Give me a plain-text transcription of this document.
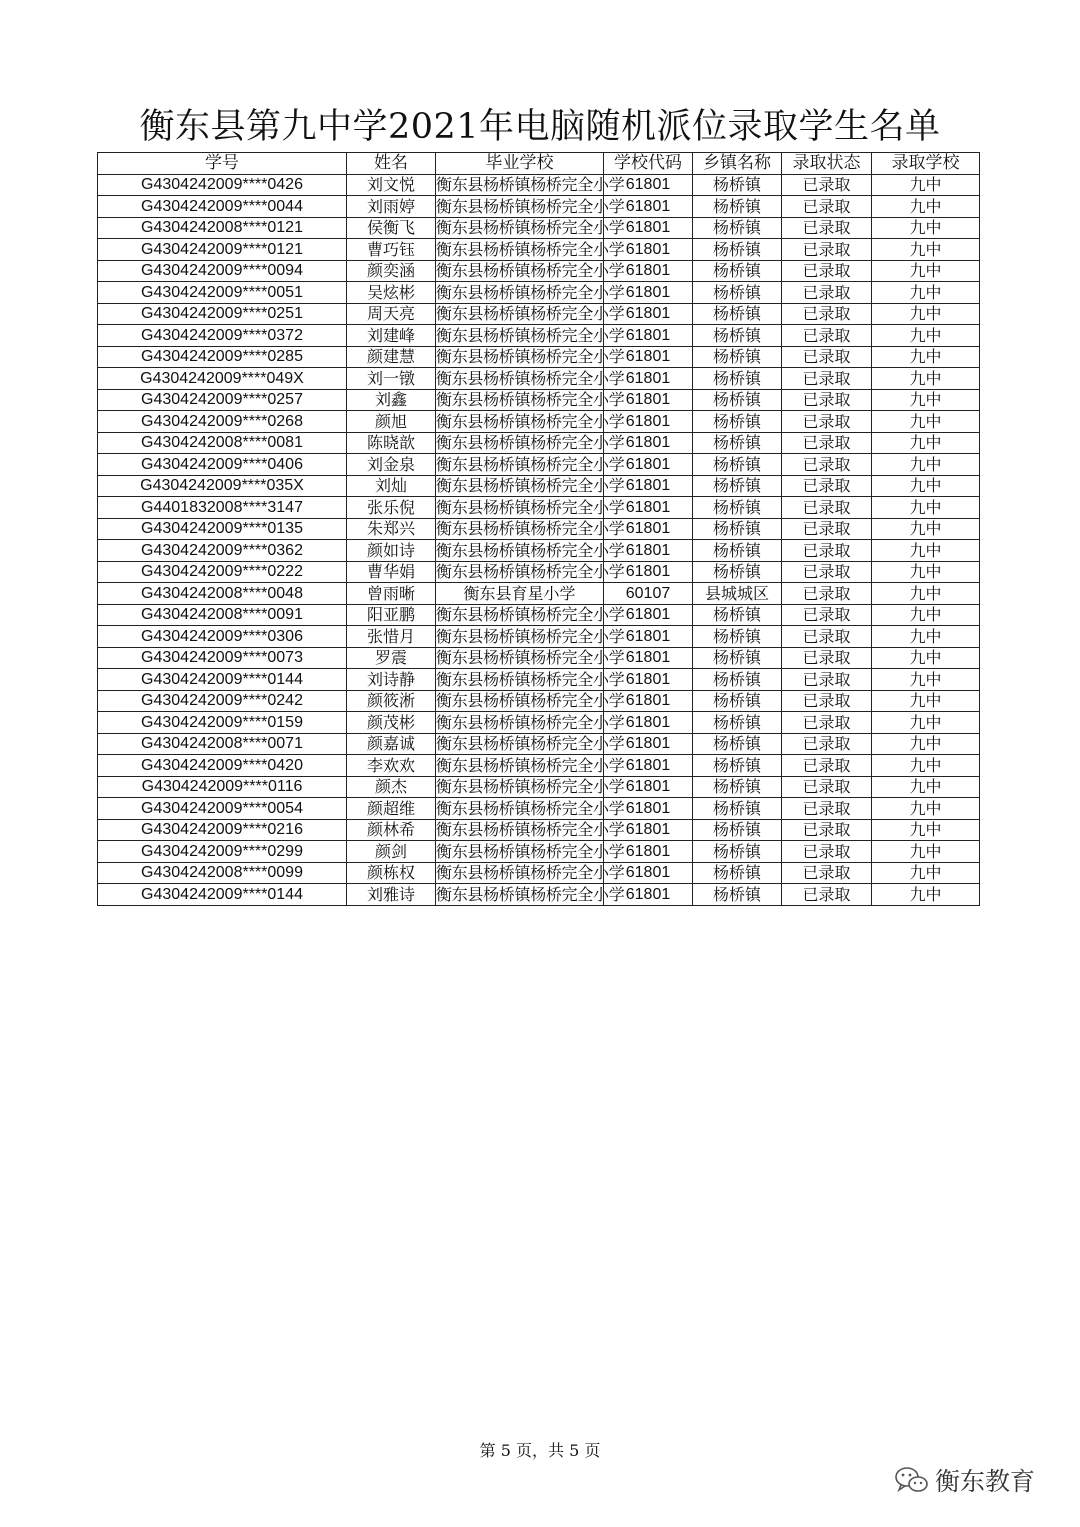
衡东县第九中学2021年电脑随机派位录取学生名单
学号	姓名	毕业学校	学校代码	乡镇名称	录取状态	录取学校
G4304242009****0426	刘文悦	衡东县杨桥镇杨桥完全小学	61801	杨桥镇	已录取	九中
G4304242009****0044	刘雨婷	衡东县杨桥镇杨桥完全小学	61801	杨桥镇	已录取	九中
G4304242008****0121	侯衡飞	衡东县杨桥镇杨桥完全小学	61801	杨桥镇	已录取	九中
G4304242009****0121	曹巧钰	衡东县杨桥镇杨桥完全小学	61801	杨桥镇	已录取	九中
G4304242009****0094	颜奕涵	衡东县杨桥镇杨桥完全小学	61801	杨桥镇	已录取	九中
G4304242009****0051	吴炫彬	衡东县杨桥镇杨桥完全小学	61801	杨桥镇	已录取	九中
G4304242009****0251	周天亮	衡东县杨桥镇杨桥完全小学	61801	杨桥镇	已录取	九中
G4304242009****0372	刘建峰	衡东县杨桥镇杨桥完全小学	61801	杨桥镇	已录取	九中
G4304242009****0285	颜建慧	衡东县杨桥镇杨桥完全小学	61801	杨桥镇	已录取	九中
G4304242009****049X	刘一镦	衡东县杨桥镇杨桥完全小学	61801	杨桥镇	已录取	九中
G4304242009****0257	刘鑫	衡东县杨桥镇杨桥完全小学	61801	杨桥镇	已录取	九中
G4304242009****0268	颜旭	衡东县杨桥镇杨桥完全小学	61801	杨桥镇	已录取	九中
G4304242008****0081	陈晓歆	衡东县杨桥镇杨桥完全小学	61801	杨桥镇	已录取	九中
G4304242009****0406	刘金泉	衡东县杨桥镇杨桥完全小学	61801	杨桥镇	已录取	九中
G4304242009****035X	刘灿	衡东县杨桥镇杨桥完全小学	61801	杨桥镇	已录取	九中
G4401832008****3147	张乐倪	衡东县杨桥镇杨桥完全小学	61801	杨桥镇	已录取	九中
G4304242009****0135	朱郑兴	衡东县杨桥镇杨桥完全小学	61801	杨桥镇	已录取	九中
G4304242009****0362	颜如诗	衡东县杨桥镇杨桥完全小学	61801	杨桥镇	已录取	九中
G4304242009****0222	曹华娟	衡东县杨桥镇杨桥完全小学	61801	杨桥镇	已录取	九中
G4304242008****0048	曾雨晰	衡东县育星小学	60107	县城城区	已录取	九中
G4304242008****0091	阳亚鹏	衡东县杨桥镇杨桥完全小学	61801	杨桥镇	已录取	九中
G4304242009****0306	张惜月	衡东县杨桥镇杨桥完全小学	61801	杨桥镇	已录取	九中
G4304242009****0073	罗震	衡东县杨桥镇杨桥完全小学	61801	杨桥镇	已录取	九中
G4304242009****0144	刘诗静	衡东县杨桥镇杨桥完全小学	61801	杨桥镇	已录取	九中
G4304242009****0242	颜筱淅	衡东县杨桥镇杨桥完全小学	61801	杨桥镇	已录取	九中
G4304242009****0159	颜茂彬	衡东县杨桥镇杨桥完全小学	61801	杨桥镇	已录取	九中
G4304242008****0071	颜嘉诚	衡东县杨桥镇杨桥完全小学	61801	杨桥镇	已录取	九中
G4304242009****0420	李欢欢	衡东县杨桥镇杨桥完全小学	61801	杨桥镇	已录取	九中
G4304242009****0116	颜杰	衡东县杨桥镇杨桥完全小学	61801	杨桥镇	已录取	九中
G4304242009****0054	颜超维	衡东县杨桥镇杨桥完全小学	61801	杨桥镇	已录取	九中
G4304242009****0216	颜林希	衡东县杨桥镇杨桥完全小学	61801	杨桥镇	已录取	九中
G4304242009****0299	颜剑	衡东县杨桥镇杨桥完全小学	61801	杨桥镇	已录取	九中
G4304242008****0099	颜栋权	衡东县杨桥镇杨桥完全小学	61801	杨桥镇	已录取	九中
G4304242009****0144	刘雅诗	衡东县杨桥镇杨桥完全小学	61801	杨桥镇	已录取	九中
第 5 页，共 5 页
衡东教育
